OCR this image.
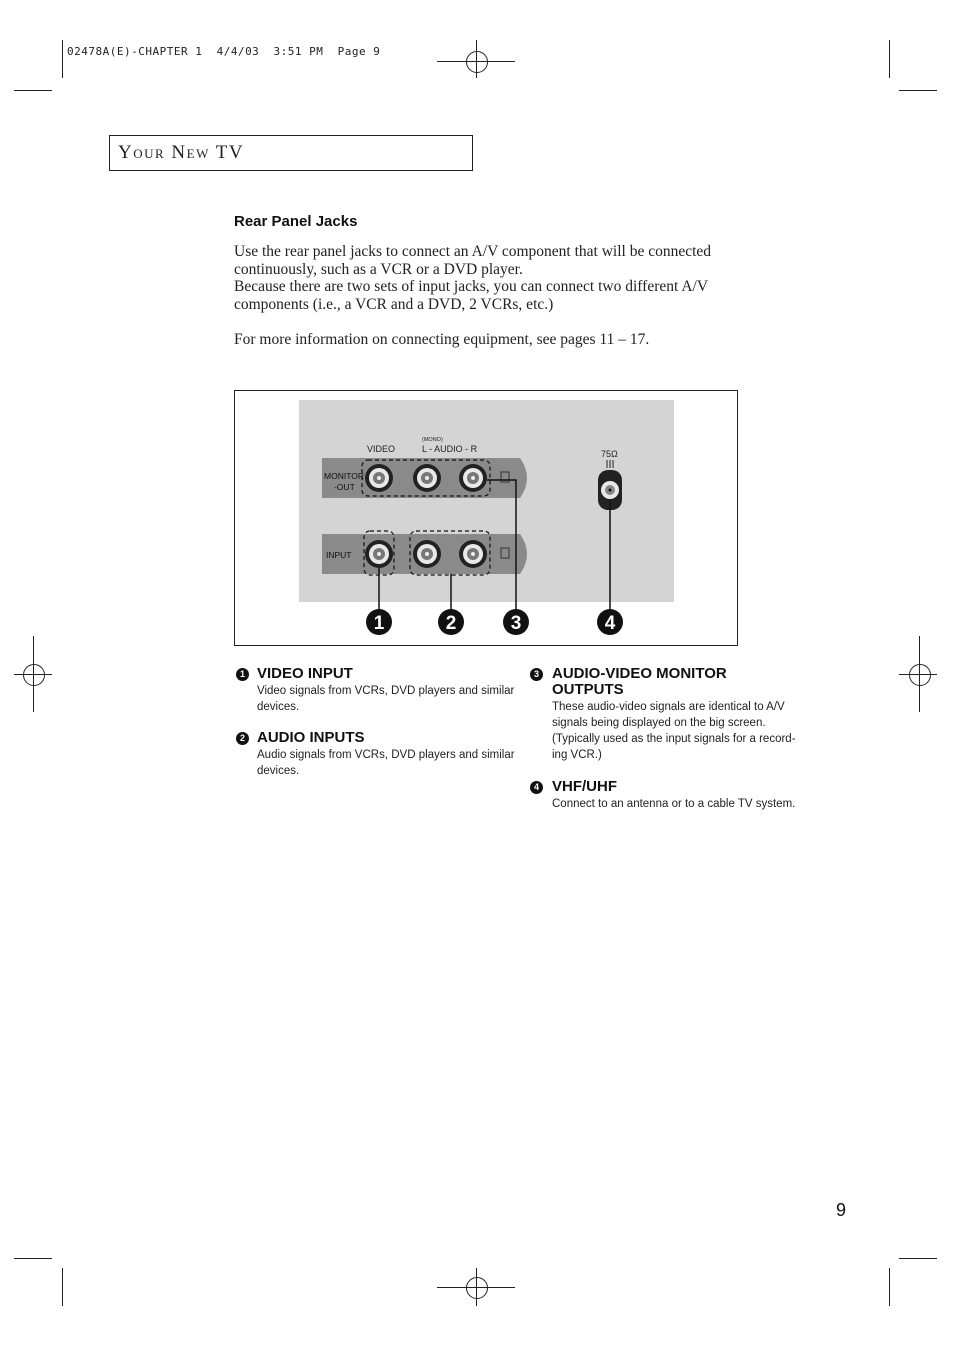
02478A(E)-CHAPTER 1  4/4/03  3:51 PM  Page 9
Your New TV
Rear Panel Jacks
Use the rear panel jacks to connect an A/V component that will be connected continuously, such as a VCR or a DVD player.
Because there are two sets of input jacks, you can connect two different A/V components (i.e., a VCR and a DVD, 2 VCRs, etc.)
For more information on connecting equipment, see pages 11 – 17.
VIDEO
(MONO)
L - AUDIO - R
MONITOR
-OUT
INPUT
75Ω
1	2	3	4
1 VIDEO INPUT
Video signals from VCRs, DVD players and similar
devices.
2 AUDIO INPUTS
Audio signals from VCRs, DVD players and similar
devices.
3 AUDIO-VIDEO MONITOR
OUTPUTS
These audio-video signals are identical to A/V
signals being displayed on the big screen.
(Typically used as the input signals for a record-
ing VCR.)
4 VHF/UHF
Connect to an antenna or to a cable TV system.
9
